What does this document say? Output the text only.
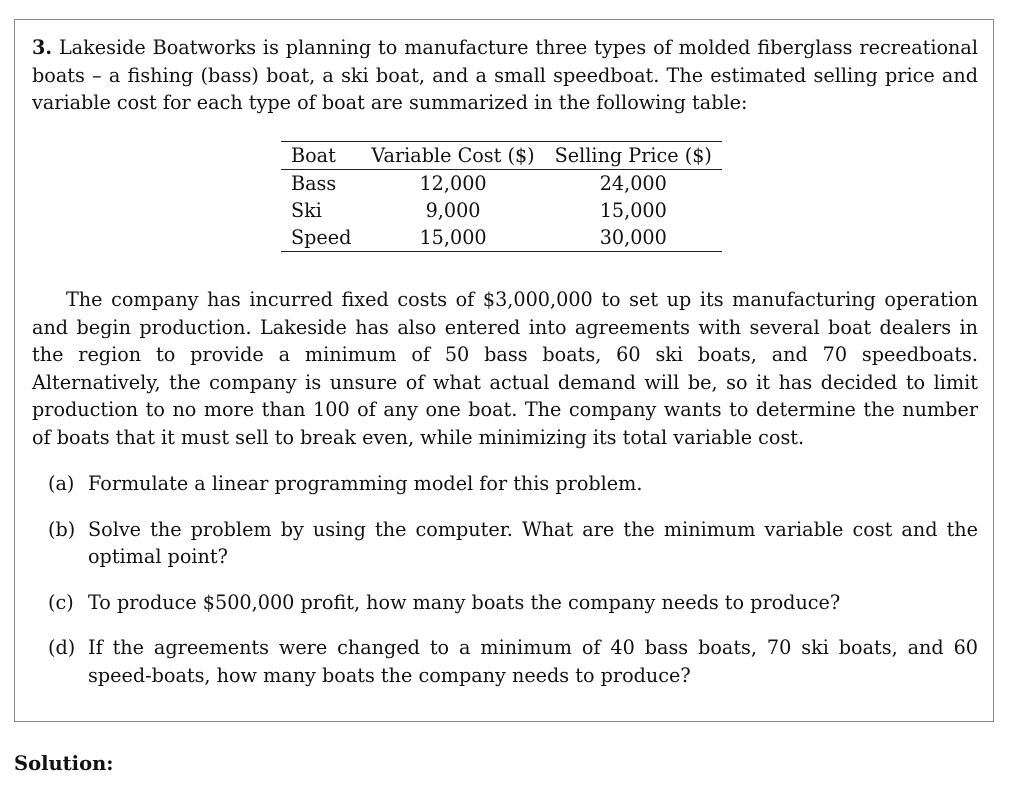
3. Lakeside Boatworks is planning to manufacture three types of molded fiberglass recreational boats – a fishing (bass) boat, a ski boat, and a small speedboat. The estimated selling price and variable cost for each type of boat are summarized in the following table:
Boat	Variable Cost ($)	Selling Price ($)
Bass	12,000	24,000
Ski	9,000	15,000
Speed	15,000	30,000
The company has incurred fixed costs of $3,000,000 to set up its manufacturing operation and begin production. Lakeside has also entered into agreements with several boat dealers in the region to provide a minimum of 50 bass boats, 60 ski boats, and 70 speedboats. Alternatively, the company is unsure of what actual demand will be, so it has decided to limit production to no more than 100 of any one boat. The company wants to determine the number of boats that it must sell to break even, while minimizing its total variable cost.
(a) Formulate a linear programming model for this problem.
(b) Solve the problem by using the computer. What are the minimum variable cost and the optimal point?
(c) To produce $500,000 profit, how many boats the company needs to produce?
(d) If the agreements were changed to a minimum of 40 bass boats, 70 ski boats, and 60 speed-boats, how many boats the company needs to produce?
Solution:
